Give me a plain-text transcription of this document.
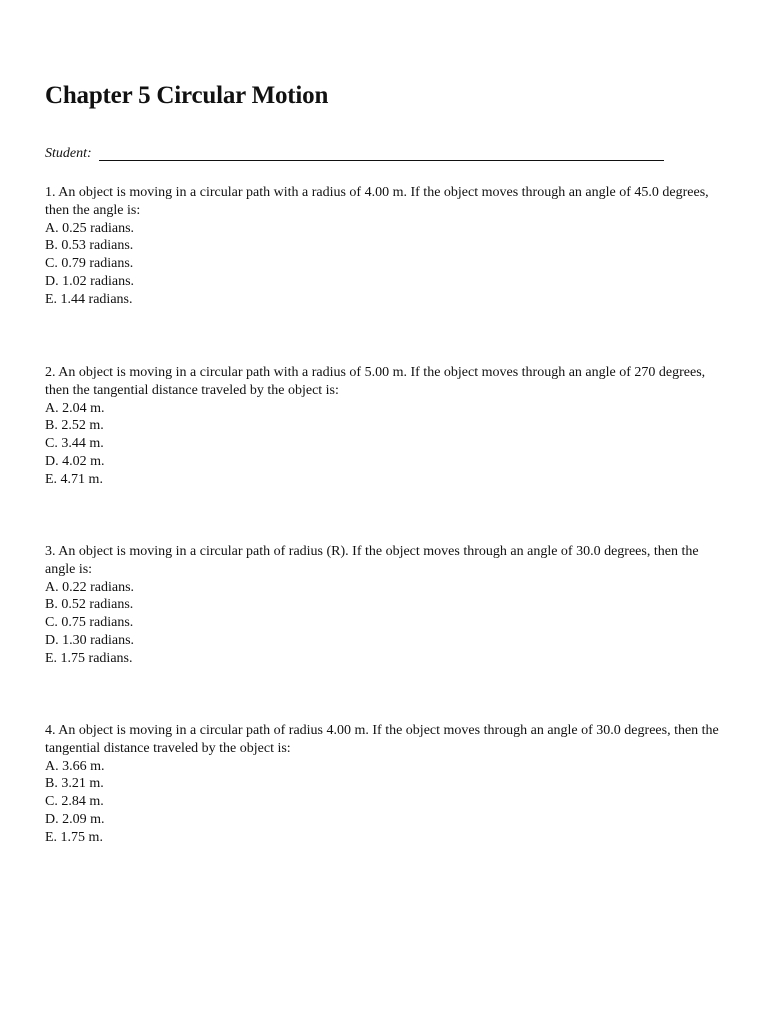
Chapter 5 Circular Motion
Student:

1. An object is moving in a circular path with a radius of 4.00 m. If the object moves through an angle of 45.0 degrees, then the angle is:

A. 0.25 radians.
B. 0.53 radians.
C. 0.79 radians.
D. 1.02 radians.
E. 1.44 radians.

2. An object is moving in a circular path with a radius of 5.00 m. If the object moves through an angle of 270 degrees, then the tangential distance traveled by the object is:

A. 2.04 m.
B. 2.52 m.
C. 3.44 m.
D. 4.02 m.
E. 4.71 m.

3. An object is moving in a circular path of radius (R). If the object moves through an angle of 30.0 degrees, then the angle is:

A. 0.22 radians.
B. 0.52 radians.
C. 0.75 radians.
D. 1.30 radians.
E. 1.75 radians.

4. An object is moving in a circular path of radius 4.00 m. If the object moves through an angle of 30.0 degrees, then the tangential distance traveled by the object is:

A. 3.66 m.
B. 3.21 m.
C. 2.84 m.
D. 2.09 m.
E. 1.75 m.
